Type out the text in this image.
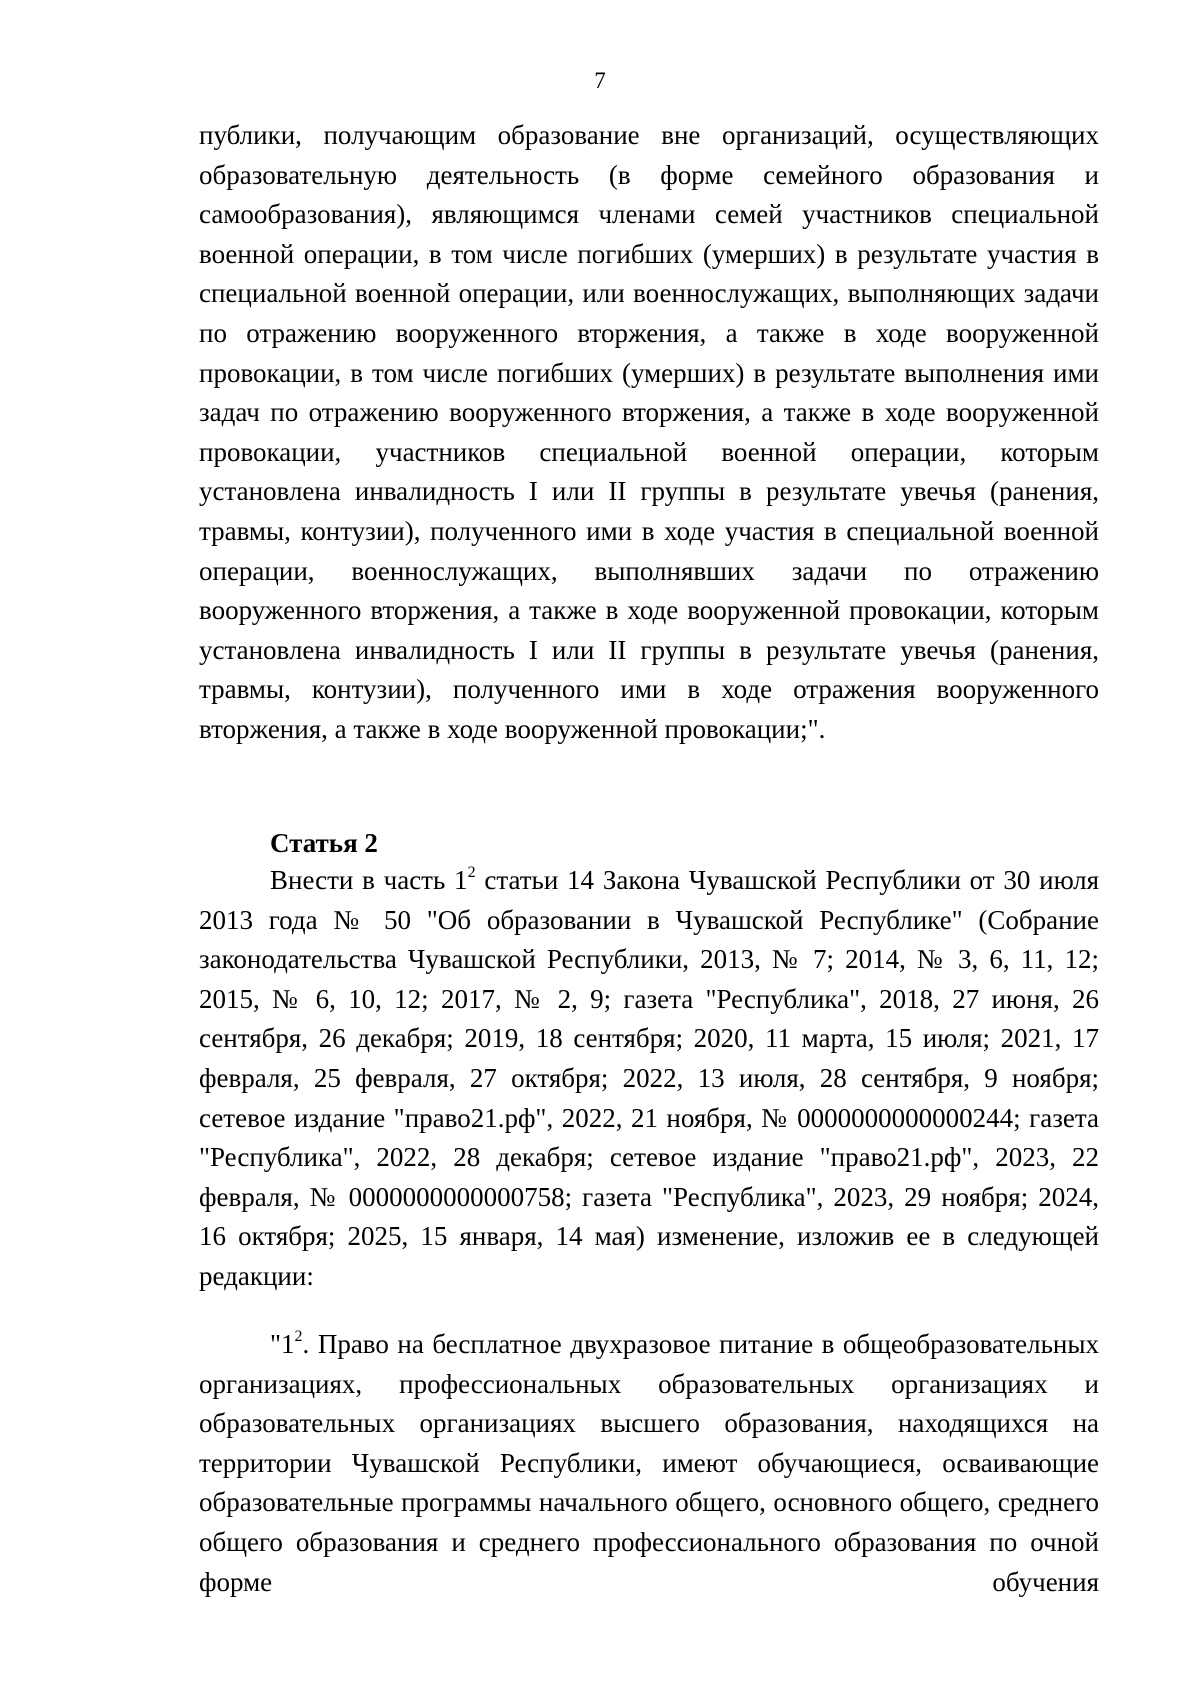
7
публики, получающим образование вне организаций, осуществляющих образовательную деятельность (в форме семейного образования и самообразования), являющимся членами семей участников специальной военной операции, в том числе погибших (умерших) в результате участия в специальной военной операции, или военнослужащих, выполняющих задачи по отражению вооруженного вторжения, а также в ходе вооруженной провокации, в том числе погибших (умерших) в результате выполнения ими задач по отражению вооруженного вторжения, а также в ходе вооруженной провокации, участников специальной военной операции, которым установлена инвалидность I или II группы в результате увечья (ранения, травмы, контузии), полученного ими в ходе участия в специальной военной операции, военнослужащих, выполнявших задачи по отражению вооруженного вторжения, а также в ходе вооруженной провокации, которым установлена инвалидность I или II группы в результате увечья (ранения, травмы, контузии), полученного ими в ходе отражения вооруженного вторжения, а также в ходе вооруженной провокации;".
Статья 2
Внести в часть $1^2$ статьи 14 Закона Чувашской Республики от 30 июля 2013 года № 50 "Об образовании в Чувашской Республике" (Собрание законодательства Чувашской Республики, 2013, № 7; 2014, № 3, 6, 11, 12; 2015, № 6, 10, 12; 2017, № 2, 9; газета "Республика", 2018, 27 июня, 26 сентября, 26 декабря; 2019, 18 сентября; 2020, 11 марта, 15 июля; 2021, 17 февраля, 25 февраля, 27 октября; 2022, 13 июля, 28 сентября, 9 ноября; сетевое издание "право21.рф", 2022, 21 ноября, № 0000000000000244; газета "Республика", 2022, 28 декабря; сетевое издание "право21.рф", 2023, 22 февраля, № 0000000000000758; газета "Республика", 2023, 29 ноября; 2024, 16 октября; 2025, 15 января, 14 мая) изменение, изложив ее в следующей редакции:
"$1^2$. Право на бесплатное двухразовое питание в общеобразовательных организациях, профессиональных образовательных организациях и образовательных организациях высшего образования, находящихся на территории Чувашской Республики, имеют обучающиеся, осваивающие образовательные программы начального общего, основного общего, среднего общего образования и среднего профессионального образования по очной форме обучения
